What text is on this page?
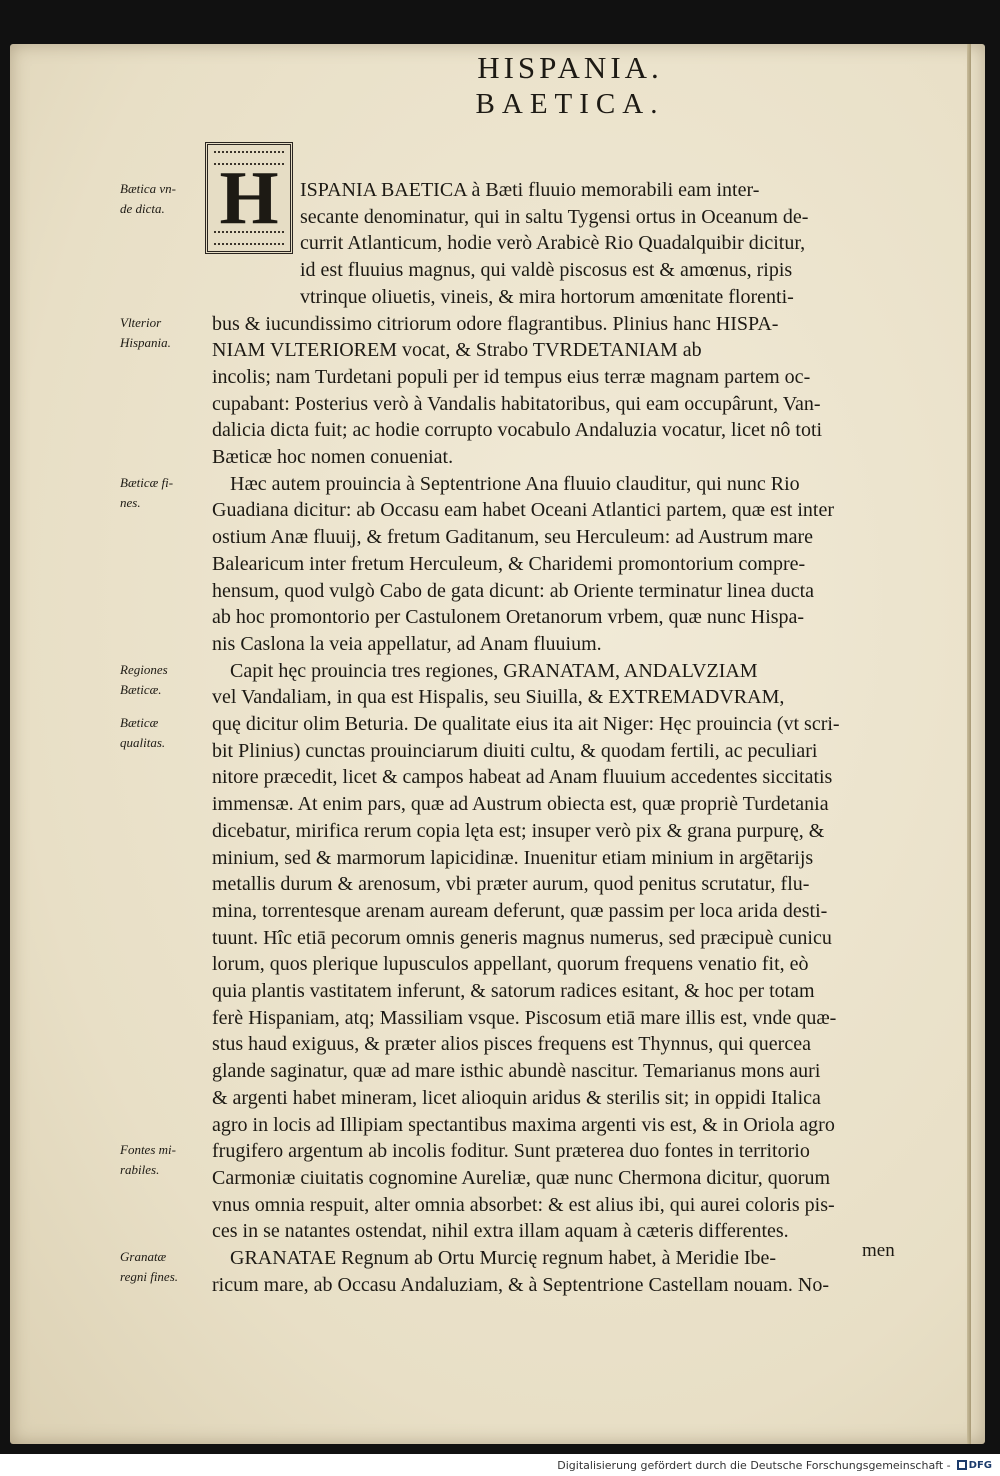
HISPANIA.
BAETICA.
H ISPANIA BAETICA à Bæti fluuio memorabili eam inter-
secante denominatur, qui in saltu Tygensi ortus in Oceanum de-
currit Atlanticum, hodie verò Arabicè Rio Quadalquibir dicitur,
id est fluuius magnus, qui valdè piscosus est & amœnus, ripis
vtrinque oliuetis, vineis, & mira hortorum amœnitate florenti-
bus & iucundissimo citriorum odore flagrantibus. Plinius hanc HISPA-
NIAM VLTERIOREM vocat, & Strabo TVRDETANIAM ab
incolis; nam Turdetani populi per id tempus eius terræ magnam partem oc-
cupabant: Posterius verò à Vandalis habitatoribus, qui eam occupârunt, Van-
dalicia dicta fuit; ac hodie corrupto vocabulo Andaluzia vocatur, licet nô toti
Bæticæ hoc nomen conueniat.
Hæc autem prouincia à Septentrione Ana fluuio clauditur, qui nunc Rio
Guadiana dicitur: ab Occasu eam habet Oceani Atlantici partem, quæ est inter
ostium Anæ fluuij, & fretum Gaditanum, seu Herculeum: ad Austrum mare
Balearicum inter fretum Herculeum, & Charidemi promontorium compre-
hensum, quod vulgò Cabo de gata dicunt: ab Oriente terminatur linea ducta
ab hoc promontorio per Castulonem Oretanorum vrbem, quæ nunc Hispa-
nis Caslona la veia appellatur, ad Anam fluuium.
Capit hęc prouincia tres regiones, GRANATAM, ANDALVZIAM
vel Vandaliam, in qua est Hispalis, seu Siuilla, & EXTREMADVRAM,
quę dicitur olim Beturia. De qualitate eius ita ait Niger: Hęc prouincia (vt scri-
bit Plinius) cunctas prouinciarum diuiti cultu, & quodam fertili, ac peculiari
nitore præcedit, licet & campos habeat ad Anam fluuium accedentes siccitatis
immensæ. At enim pars, quæ ad Austrum obiecta est, quæ propriè Turdetania
dicebatur, mirifica rerum copia lęta est; insuper verò pix & grana purpurę, &
minium, sed & marmorum lapicidinæ. Inuenitur etiam minium in argētarijs
metallis durum & arenosum, vbi præter aurum, quod penitus scrutatur, flu-
mina, torrentesque arenam auream deferunt, quæ passim per loca arida desti-
tuunt. Hîc etiā pecorum omnis generis magnus numerus, sed præcipuè cunicu
lorum, quos plerique lupusculos appellant, quorum frequens venatio fit, eò
quia plantis vastitatem inferunt, & satorum radices esitant, & hoc per totam
ferè Hispaniam, atq; Massiliam vsque. Piscosum etiā mare illis est, vnde quæ-
stus haud exiguus, & præter alios pisces frequens est Thynnus, qui quercea
glande saginatur, quæ ad mare isthic abundè nascitur. Temarianus mons auri
& argenti habet mineram, licet alioquin aridus & sterilis sit; in oppidi Italica
agro in locis ad Illipiam spectantibus maxima argenti vis est, & in Oriola agro
frugifero argentum ab incolis foditur. Sunt præterea duo fontes in territorio
Carmoniæ ciuitatis cognomine Aureliæ, quæ nunc Chermona dicitur, quorum
vnus omnia respuit, alter omnia absorbet: & est alius ibi, qui aurei coloris pis-
ces in se natantes ostendat, nihil extra illam aquam à cæteris differentes.
GRANATAE Regnum ab Ortu Murcię regnum habet, à Meridie Ibe-
ricum mare, ab Occasu Andaluziam, & à Septentrione Castellam nouam. No-
Bætica vn-
de dicta.
Vlterior
Hispania.
Bæticæ fi-
nes.
Regiones
Bæticæ.
Bæticæ
qualitas.
Fontes mi-
rabiles.
Granatæ
regni fines.
men
Digitalisierung gefördert durch die Deutsche Forschungsgemeinschaft - DFG
